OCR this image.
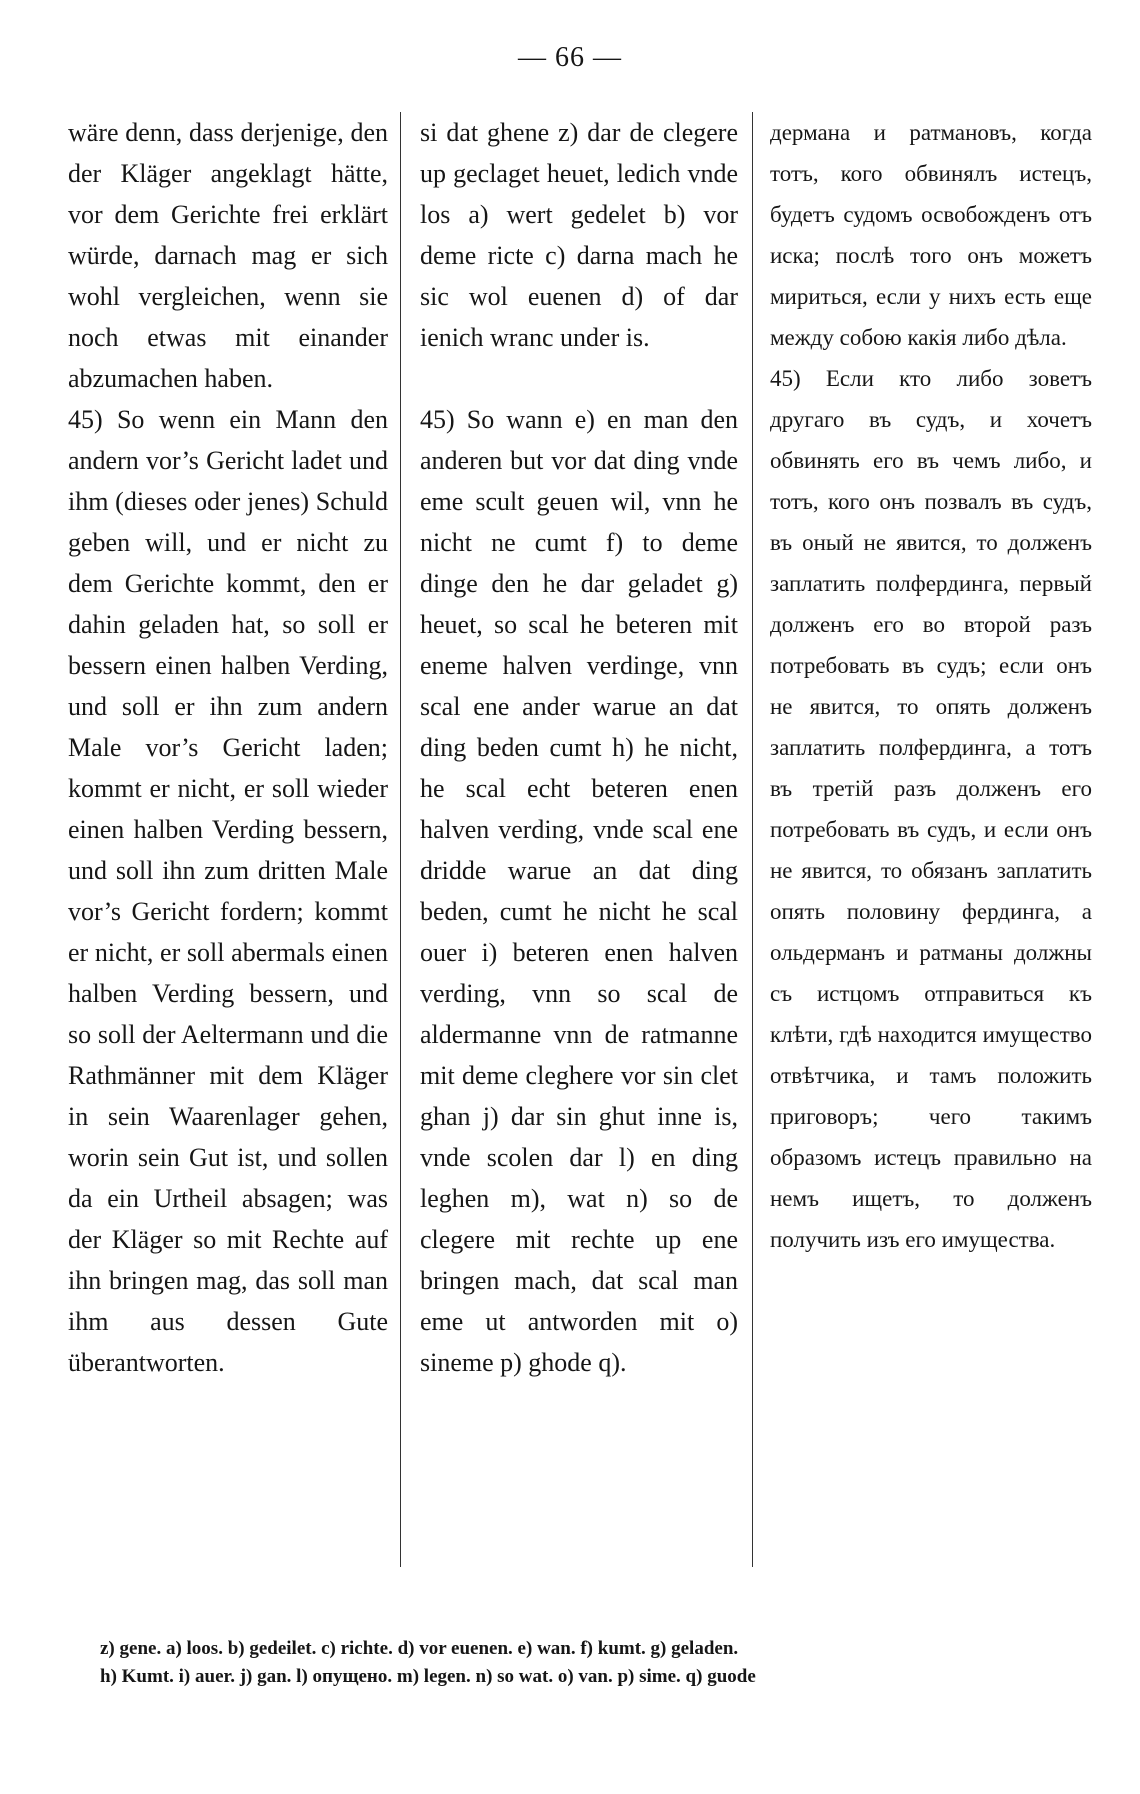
— 66 —

wäre denn, dass derjenige, den der Kläger angeklagt hätte, vor dem Gerichte frei erklärt würde, darnach mag er sich wohl vergleichen, wenn sie noch etwas mit einander abzumachen haben.

45) So wenn ein Mann den andern vor’s Gericht ladet und ihm (dieses oder jenes) Schuld geben will, und er nicht zu dem Gerichte kommt, den er dahin geladen hat, so soll er bessern einen halben Verding, und soll er ihn zum andern Male vor’s Gericht laden; kommt er nicht, er soll wieder einen halben Verding bessern, und soll ihn zum dritten Male vor’s Gericht fordern; kommt er nicht, er soll abermals einen halben Verding bessern, und so soll der Aeltermann und die Rathmänner mit dem Kläger in sein Waarenlager gehen, worin sein Gut ist, und sollen da ein Urtheil absagen; was der Kläger so mit Rechte auf ihn bringen mag, das soll man ihm aus dessen Gute überantworten.

si dat ghene z) dar de clegere up geclaget heuet, ledich vnde los a) wert gedelet b) vor deme ricte c) darna mach he sic wol euenen d) of dar ienich wranc under is.

45) So wann e) en man den anderen but vor dat ding vnde eme scult geuen wil, vnn he nicht ne cumt f) to deme dinge den he dar geladet g) heuet, so scal he beteren mit eneme halven verdinge, vnn scal ene ander warue an dat ding beden cumt h) he nicht, he scal echt beteren enen halven verding, vnde scal ene dridde warue an dat ding beden, cumt he nicht he scal ouer i) beteren enen halven verding, vnn so scal de aldermanne vnn de ratmanne mit deme cleghere vor sin clet ghan j) dar sin ghut inne is, vnde scolen dar l) en ding leghen m), wat n) so de clegere mit rechte up ene bringen mach, dat scal man eme ut antworden mit o) sineme p) ghode q).

дермана и ратмановъ, когда тотъ, кого обвинялъ истецъ, будетъ судомъ освобожденъ отъ иска; послѣ того онъ можетъ мириться, если у нихъ есть еще между собою какія либо дѣла.

45) Если кто либо зоветъ другаго въ судъ, и хочетъ обвинять его въ чемъ либо, и тотъ, кого онъ позвалъ въ судъ, въ оный не явится, то долженъ заплатить полфердинга, первый долженъ его во второй разъ потребовать въ судъ; если онъ не явится, то опять долженъ заплатить полфердинга, а тотъ въ третій разъ долженъ его потребовать въ судъ, и если онъ не явится, то обязанъ заплатить опять половину фердинга, а ольдерманъ и ратманы должны съ истцомъ отправиться къ клѣти, гдѣ находится имущество отвѣтчика, и тамъ положить приговоръ; чего такимъ образомъ истецъ правильно на немъ ищетъ, то долженъ получить изъ его имущества.

z) gene. a) loos. b) gedeilet. c) richte. d) vor euenen. e) wan. f) kumt. g) geladen.
h) Kumt. i) auer. j) gan. l) опущено. m) legen. n) so wat. o) van. p) sime. q) guode
